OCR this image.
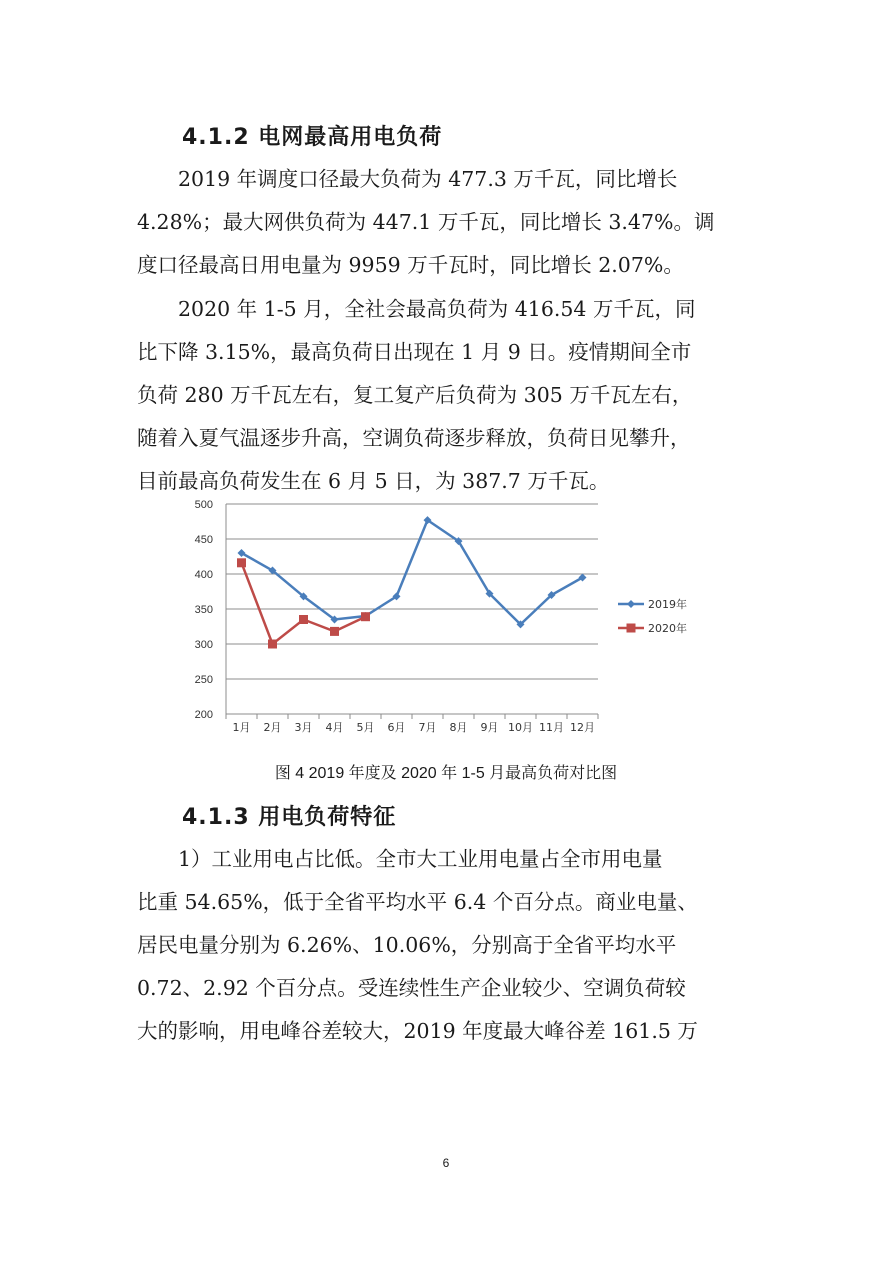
4.1.2 电网最高用电负荷
2019 年调度口径最大负荷为 477.3 万千瓦，同比增长
4.28%；最大网供负荷为 447.1 万千瓦，同比增长 3.47%。调
度口径最高日用电量为 9959 万千瓦时，同比增长 2.07%。
2020 年 1-5 月，全社会最高负荷为 416.54 万千瓦，同
比下降 3.15%，最高负荷日出现在 1 月 9 日。疫情期间全市
负荷 280 万千瓦左右，复工复产后负荷为 305 万千瓦左右，
随着入夏气温逐步升高，空调负荷逐步释放，负荷日见攀升，
目前最高负荷发生在 6 月 5 日，为 387.7 万千瓦。
200
250
300
350
400
450
500
1月 2月 3月 4月 5月 6月 7月 8月 9月 10月 11月 12月
2019年
2020年
图 4 2019 年度及 2020 年 1-5 月最高负荷对比图
4.1.3 用电负荷特征
1）工业用电占比低。全市大工业用电量占全市用电量
比重 54.65%，低于全省平均水平 6.4 个百分点。商业电量、
居民电量分别为 6.26%、10.06%，分别高于全省平均水平
0.72、2.92 个百分点。受连续性生产企业较少、空调负荷较
大的影响，用电峰谷差较大，2019 年度最大峰谷差 161.5 万
6
